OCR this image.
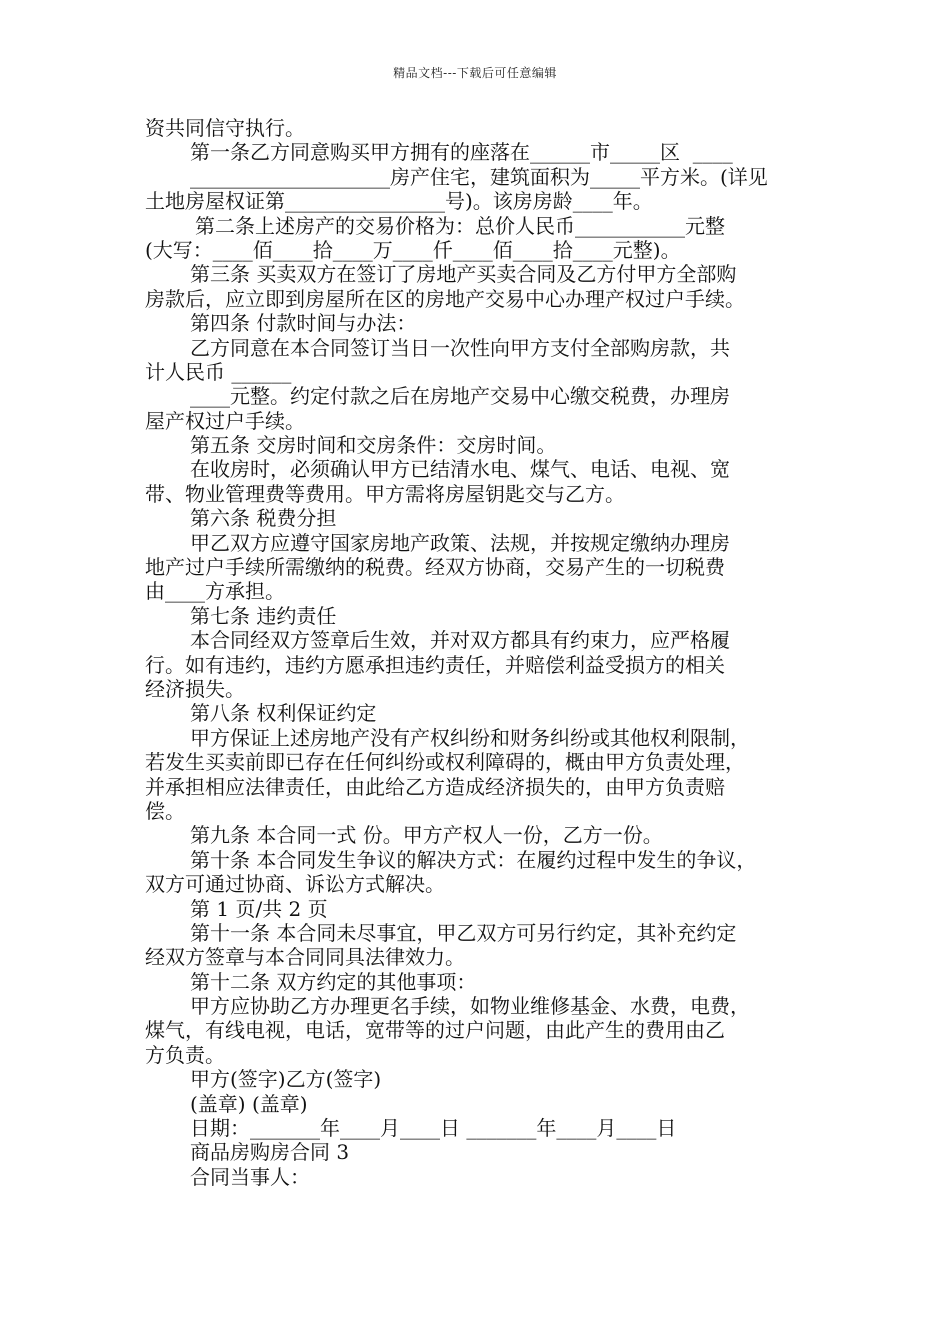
精品文档---下载后可任意编辑
资共同信守执行。
第一条乙方同意购买甲方拥有的座落在______市_____区  ____
____________________房产住宅，建筑面积为_____平方米。(详见
土地房屋权证第________________号)。该房房龄____年。
第二条上述房产的交易价格为：总价人民币___________元整
(大写：____佰____拾____万____仟____佰____拾____元整)。
第三条 买卖双方在签订了房地产买卖合同及乙方付甲方全部购
房款后，应立即到房屋所在区的房地产交易中心办理产权过户手续。
第四条 付款时间与办法：
乙方同意在本合同签订当日一次性向甲方支付全部购房款，共
计人民币 ______
____元整。约定付款之后在房地产交易中心缴交税费，办理房
屋产权过户手续。
第五条 交房时间和交房条件：交房时间。
在收房时，必须确认甲方已结清水电、煤气、电话、电视、宽
带、物业管理费等费用。甲方需将房屋钥匙交与乙方。
第六条 税费分担
甲乙双方应遵守国家房地产政策、法规，并按规定缴纳办理房
地产过户手续所需缴纳的税费。经双方协商，交易产生的一切税费
由____方承担。
第七条 违约责任
本合同经双方签章后生效，并对双方都具有约束力，应严格履
行。如有违约，违约方愿承担违约责任，并赔偿利益受损方的相关
经济损失。
第八条 权利保证约定
甲方保证上述房地产没有产权纠纷和财务纠纷或其他权利限制，
若发生买卖前即已存在任何纠纷或权利障碍的，概由甲方负责处理，
并承担相应法律责任，由此给乙方造成经济损失的，由甲方负责赔
偿。
第九条 本合同一式 份。甲方产权人一份，乙方一份。
第十条 本合同发生争议的解决方式：在履约过程中发生的争议，
双方可通过协商、诉讼方式解决。
第 1 页/共 2 页
第十一条 本合同未尽事宜，甲乙双方可另行约定，其补充约定
经双方签章与本合同同具法律效力。
第十二条 双方约定的其他事项：
甲方应协助乙方办理更名手续，如物业维修基金、水费，电费，
煤气，有线电视，电话，宽带等的过户问题，由此产生的费用由乙
方负责。
甲方(签字)乙方(签字)
(盖章) (盖章)
日期：_______年____月____日 _______年____月____日
商品房购房合同 3
合同当事人：
